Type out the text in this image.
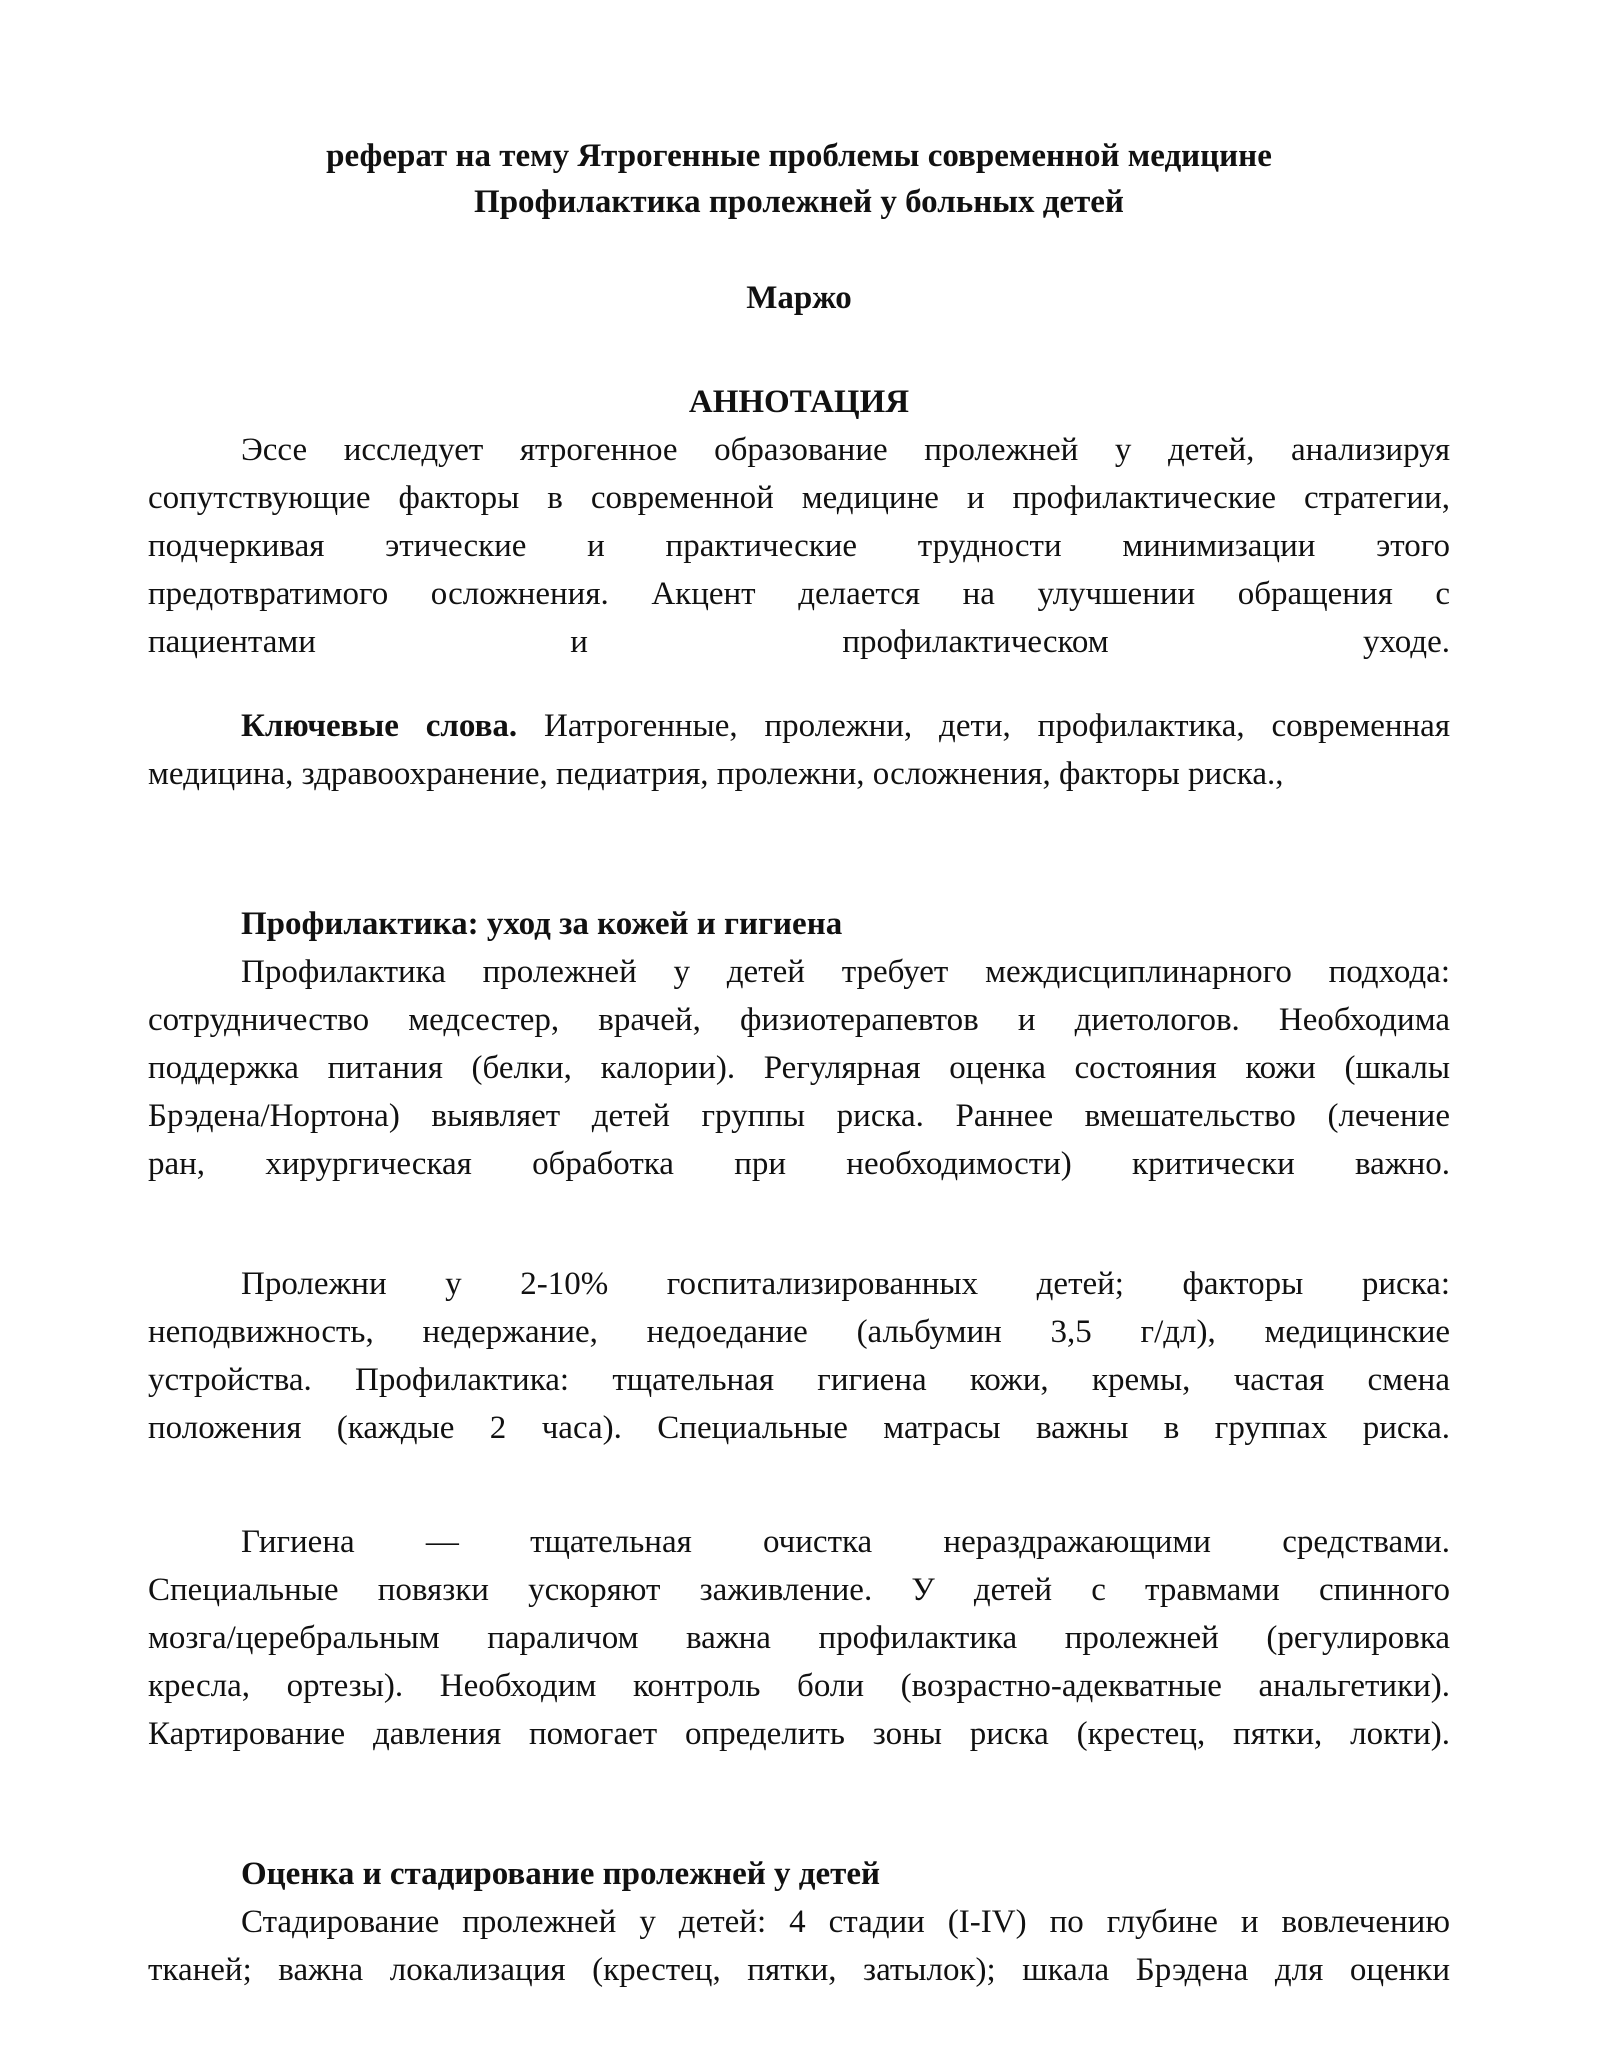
реферат на тему Ятрогенные проблемы современной медицине
Профилактика пролежней у больных детей
Маржо
АННОТАЦИЯ
Эссе исследует ятрогенное образование пролежней у детей, анализируя
сопутствующие факторы в современной медицине и профилактические стратегии,
подчеркивая этические и практические трудности минимизации этого
предотвратимого осложнения. Акцент делается на улучшении обращения с
пациентами и профилактическом уходе.
Ключевые слова. Иатрогенные, пролежни, дети, профилактика, современная
медицина, здравоохранение, педиатрия, пролежни, осложнения, факторы риска.,
Профилактика: уход за кожей и гигиена
Профилактика пролежней у детей требует междисциплинарного подхода:
сотрудничество медсестер, врачей, физиотерапевтов и диетологов. Необходима
поддержка питания (белки, калории). Регулярная оценка состояния кожи (шкалы
Брэдена/Нортона) выявляет детей группы риска. Раннее вмешательство (лечение
ран, хирургическая обработка при необходимости) критически важно.
Пролежни у 2-10% госпитализированных детей; факторы риска:
неподвижность, недержание, недоедание (альбумин 3,5 г/дл), медицинские
устройства. Профилактика: тщательная гигиена кожи, кремы, частая смена
положения (каждые 2 часа). Специальные матрасы важны в группах риска.
Гигиена — тщательная очистка нераздражающими средствами.
Специальные повязки ускоряют заживление. У детей с травмами спинного
мозга/церебральным параличом важна профилактика пролежней (регулировка
кресла, ортезы). Необходим контроль боли (возрастно-адекватные анальгетики).
Картирование давления помогает определить зоны риска (крестец, пятки, локти).
Оценка и стадирование пролежней у детей
Стадирование пролежней у детей: 4 стадии (I-IV) по глубине и вовлечению
тканей; важна локализация (крестец, пятки, затылок); шкала Брэдена для оценки
